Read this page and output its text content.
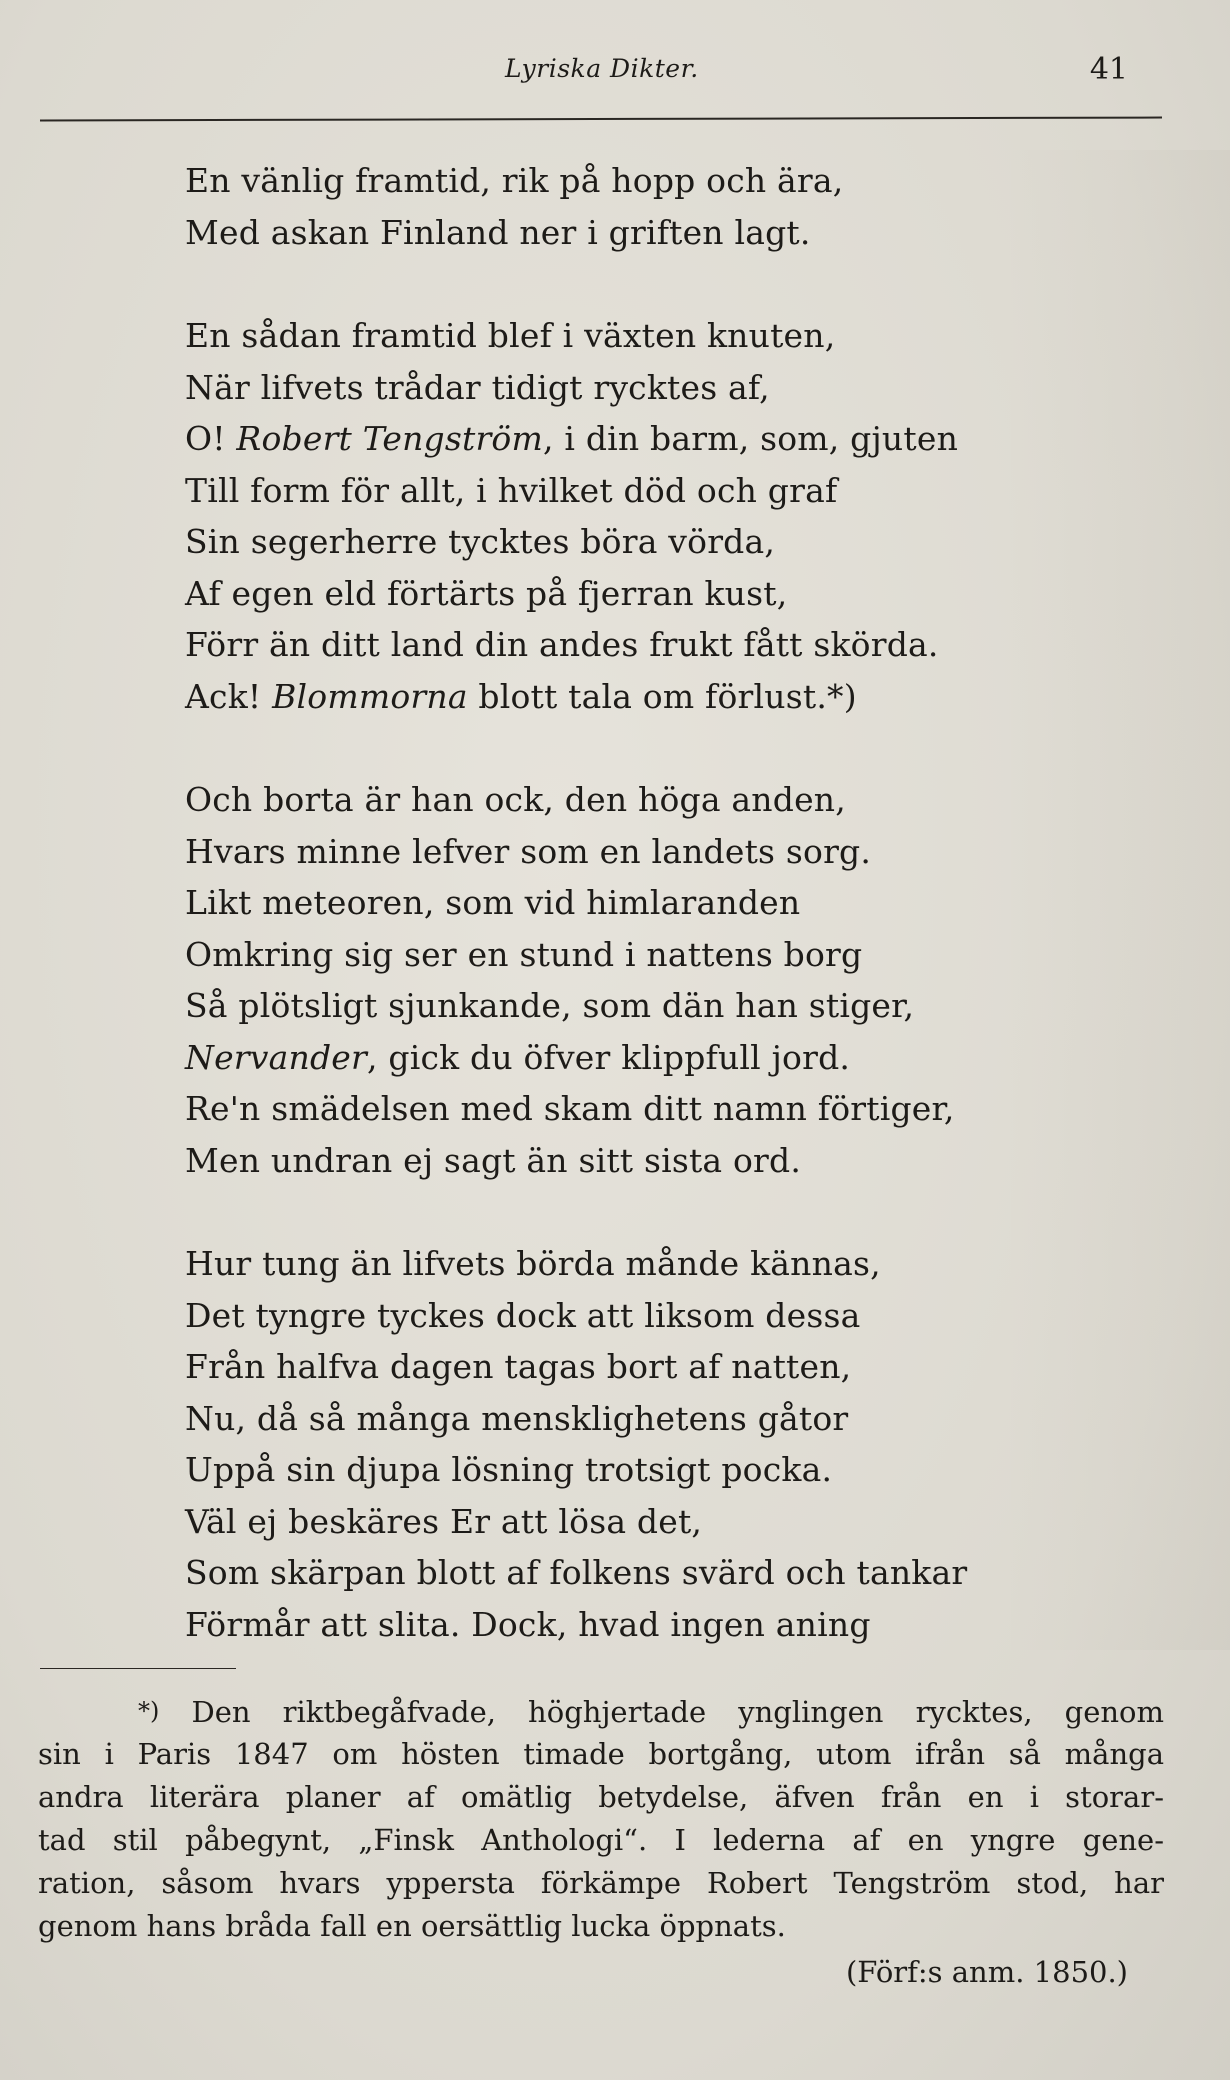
Lyriska Dikter.	41
En vänlig framtid, rik på hopp och ära,
Med askan Finland ner i griften lagt.
En sådan framtid blef i växten knuten,
När lifvets trådar tidigt rycktes af,
O! Robert Tengström, i din barm, som, gjuten
Till form för allt, i hvilket död och graf
Sin segerherre tycktes böra vörda,
Af egen eld förtärts på fjerran kust,
Förr än ditt land din andes frukt fått skörda.
Ack! Blommorna blott tala om förlust.*)
Och borta är han ock, den höga anden,
Hvars minne lefver som en landets sorg.
Likt meteoren, som vid himlaranden
Omkring sig ser en stund i nattens borg
Så plötsligt sjunkande, som dän han stiger,
Nervander, gick du öfver klippfull jord.
Re'n smädelsen med skam ditt namn förtiger,
Men undran ej sagt än sitt sista ord.
Hur tung än lifvets börda månde kännas,
Det tyngre tyckes dock att liksom dessa
Från halfva dagen tagas bort af natten,
Nu, då så många mensklighetens gåtor
Uppå sin djupa lösning trotsigt pocka.
Väl ej beskäres Er att lösa det,
Som skärpan blott af folkens svärd och tankar
Förmår att slita. Dock, hvad ingen aning
*) Den riktbegåfvade, höghjertade ynglingen rycktes, genom
sin i Paris 1847 om hösten timade bortgång, utom ifrån så många
andra literära planer af omätlig betydelse, äfven från en i storar-
tad stil påbegynt, „Finsk Anthologi“. I lederna af en yngre gene-
ration, såsom hvars yppersta förkämpe Robert Tengström stod, har
genom hans bråda fall en oersättlig lucka öppnats.
(Förf:s anm. 1850.)
